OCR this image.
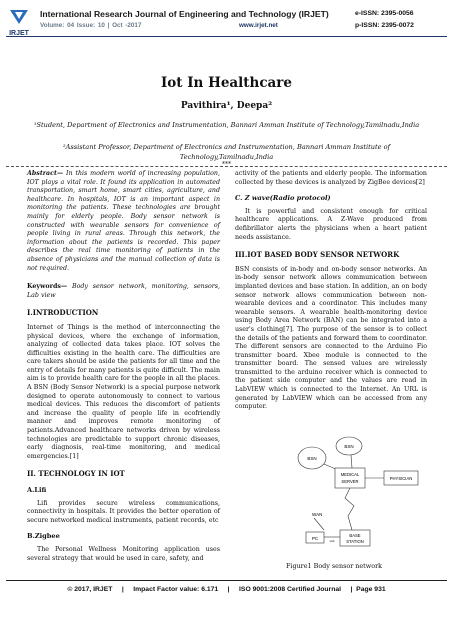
IRJET
International Research Journal of Engineering and Technology (IRJET)
Volume: 04 Issue: 10 | Oct -2017	www.irjet.net
e-ISSN: 2395-0056
p-ISSN: 2395-0072
Iot In Healthcare
Pavithira¹, Deepa²
¹Student, Department of Electronics and Instrumentation, Bannari Amman Institute of Technology,Tamilnadu,India
²Assistant Professor, Department of Electronics and Instrumentation, Bannari Amman Institute of Technology,Tamilnadu,India
***

Abstract— In this modern world of increasing population, IOT plays a vital role. It found its application in automated transportation, smart home, smart cities, agriculture, and healthcare. In hospitals, IOT is an important aspect in monitoring the patients. These technologies are brought mainly for elderly people. Body sensor network is constructed with wearable sensors for convenience of people living in rural areas. Through this network, the information about the patients is recorded. This paper describes the real time monitoring of patients in the absence of physicians and the manual collection of data is not required.

Keywords— Body sensor network, monitoring, sensors, Lab view

I.INTRODUCTION

Internet of Things is the method of interconnecting the physical devices, where the exchange of information, analyzing of collected data takes place. IOT solves the difficulties existing in the health care. The difficulties are care takers should be aside the patients for all time and the entry of details for many patients is quite difficult. The main aim is to provide health care for the people in all the places. A BSN (Body Sensor Network) is a special purpose network designed to operate autonomously to connect to various medical devices. This reduces the discomfort of patients and increase the quality of people life in ecofriendly manner and improves remote monitoring of patients.Advanced healthcare networks driven by wireless technologies are predictable to support chronic diseases, early diagnosis, real-time monitoring, and medical emergencies.[1]

II. TECHNOLOGY IN IOT
A.Lifi

Lifi provides secure wireless communications, connectivity in hospitals. It provides the better operation of secure networked medical instruments, patient records, etc

B.Zigbee

The Personal Wellness Monitoring application uses several strategy that would be used in care, safety, and

activity of the patients and elderly people. The information collected by these devices is analyzed by ZigBee devices[2]

C. Z wave(Radio protocol)

It is powerful and consistent enough for critical healthcare applications. A Z-Wave produced from defibrillator alerts the physicians when a heart patient needs assistance.

III.IOT BASED BODY SENSOR NETWORK

BSN consists of in-body and on-body sensor networks. An in-body sensor network allows communication between implanted devices and base station. In addition, an on body sensor network allows communication between non-wearable devices and a coordinator. This includes many wearable sensors. A wearable health-monitoring device using Body Area Network (BAN) can be integrated into a user's clothing[7]. The purpose of the sensor is to collect the details of the patients and forward them to coordinator. The different sensors are connected to the Arduino Fio transmitter board. Xbee module is connected to the transmitter board. The sensed values are wirelessly transmitted to the arduino receiver which is connected to the patient side computer and the values are read in LabVIEW which is connected to the Internet. An URL is generated by LabVIEW which can be accessed from any computer.

BSN
BSN
MEDICAL
SERVER
PHYSICIAN
WAN
PC	usb
BASE
STATION
Figure1 Body sensor network
© 2017, IRJET | Impact Factor value: 6.171 | ISO 9001:2008 Certified Journal | Page 931
